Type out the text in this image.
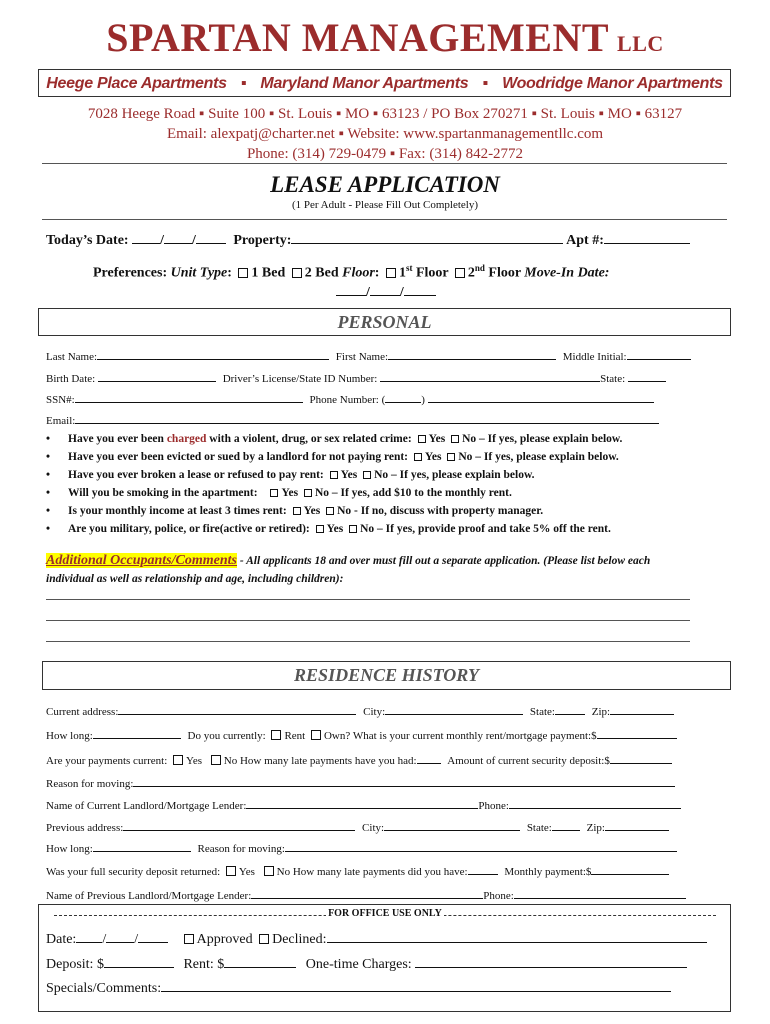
SPARTAN MANAGEMENT LLC
Heege Place Apartments ▪ Maryland Manor Apartments ▪ Woodridge Manor Apartments
7028 Heege Road ▪ Suite 100 ▪ St. Louis ▪ MO ▪ 63123 / PO Box 270271 ▪ St. Louis ▪ MO ▪ 63127
Email: alexpatj@charter.net ▪ Website: www.spartanmanagementllc.com
Phone: (314) 729-0479 ▪ Fax: (314) 842-2772
LEASE APPLICATION
(1 Per Adult - Please Fill Out Completely)
Today’s Date: / /	Property:	Apt #:
Preferences: Unit Type: 1 Bed 2 Bed Floor: 1st Floor 2nd Floor Move-In Date:
/ /
PERSONAL
Last Name:	First Name:	Middle Initial:
Birth Date:	Driver’s License/State ID Number:	State:
SSN#:	Phone Number: (	)
Email:
• Have you ever been charged with a violent, drug, or sex related crime: Yes No – If yes, please explain below.
• Have you ever been evicted or sued by a landlord for not paying rent: Yes No – If yes, please explain below.
• Have you ever broken a lease or refused to pay rent: Yes No – If yes, please explain below.
• Will you be smoking in the apartment: Yes No – If yes, add $10 to the monthly rent.
• Is your monthly income at least 3 times rent: Yes No - If no, discuss with property manager.
• Are you military, police, or fire(active or retired): Yes No – If yes, provide proof and take 5% off the rent.
Additional Occupants/Comments - All applicants 18 and over must fill out a separate application. (Please list below each
individual as well as relationship and age, including children):
RESIDENCE HISTORY
Current address:	City:	State:	Zip:
How long:	Do you currently: Rent Own? What is your current monthly rent/mortgage payment:$
Are your payments current: Yes No How many late payments have you had:	Amount of current security deposit:$
Reason for moving:
Name of Current Landlord/Mortgage Lender:	Phone:
Previous address:	City:	State:	Zip:
How long:	Reason for moving:
Was your full security deposit returned: Yes No How many late payments did you have:	Monthly payment:$
Name of Previous Landlord/Mortgage Lender:	Phone:
FOR OFFICE USE ONLY
Date: / /	Approved Declined:
Deposit: $	Rent: $	One-time Charges:
Specials/Comments:
